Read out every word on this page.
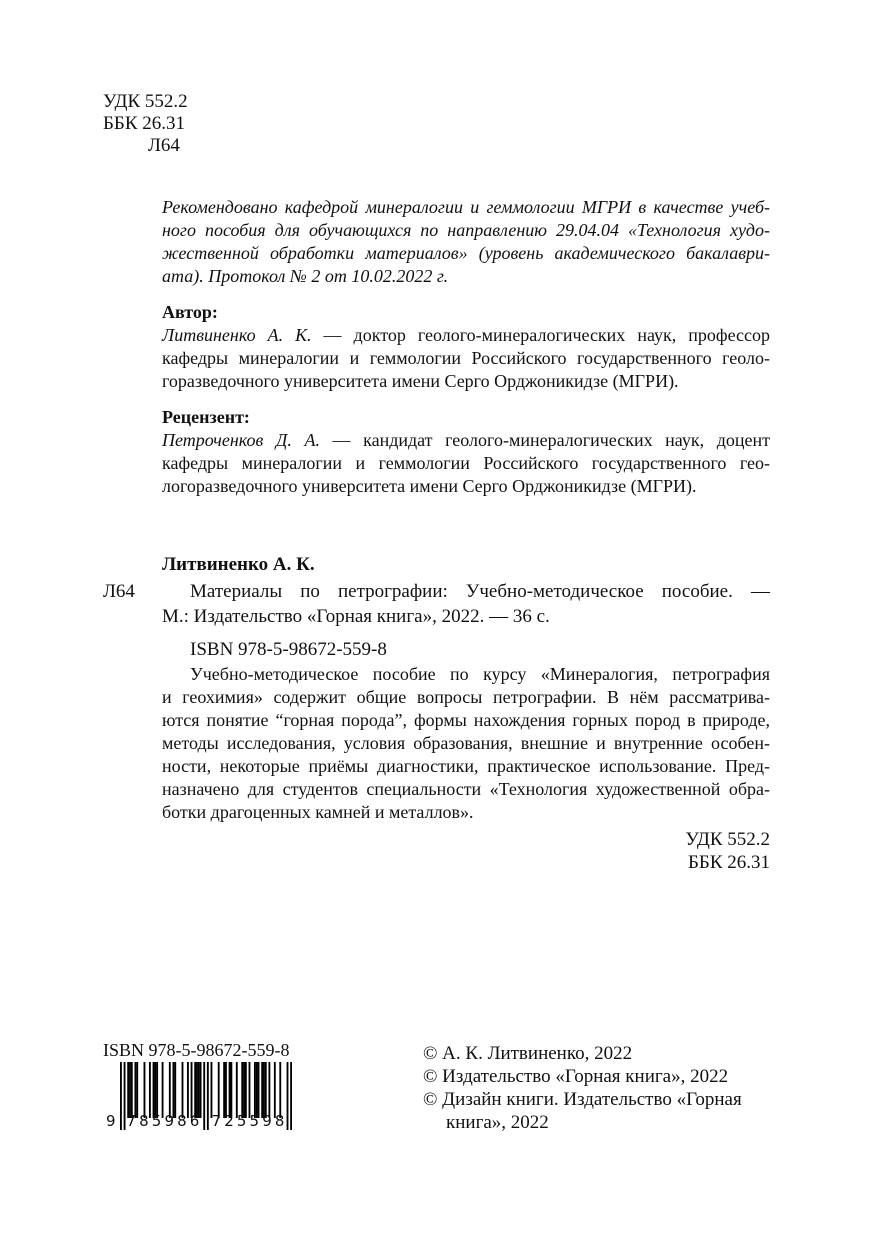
УДК 552.2
ББК 26.31
Л64
Рекомендовано кафедрой минералогии и геммологии МГРИ в качестве учеб-
ного пособия для обучающихся по направлению 29.04.04 «Технология худо-
жественной обработки материалов» (уровень академического бакалаври-
ата). Протокол № 2 от 10.02.2022 г.
Автор:
Литвиненко А. К. — доктор геолого-минералогических наук, профессор
кафедры минералогии и геммологии Российского государственного геоло-
горазведочного университета имени Серго Орджоникидзе (МГРИ).
Рецензент:
Петроченков Д. А. — кандидат геолого-минералогических наук, доцент
кафедры минералогии и геммологии Российского государственного гео-
логоразведочного университета имени Серго Орджоникидзе (МГРИ).
Литвиненко А. К.
Л64	Материалы по петрографии: Учебно-методическое пособие. —
М.: Издательство «Горная книга», 2022. — 36 с.
ISBN 978-5-98672-559-8
Учебно-методическое пособие по курсу «Минералогия, петрография
и геохимия» содержит общие вопросы петрографии. В нём рассматрива-
ются понятие “горная порода”, формы нахождения горных пород в природе,
методы исследования, условия образования, внешние и внутренние особен-
ности, некоторые приёмы диагностики, практическое использование. Пред-
назначено для студентов специальности «Технология художественной обра-
ботки драгоценных камней и металлов».
УДК 552.2
ББК 26.31
ISBN 978-5-98672-559-8
9 7 8 5 9 8 6 7 2 5 5 9 8
© А. К. Литвиненко, 2022
© Издательство «Горная книга», 2022
© Дизайн книги. Издательство «Горная
книга», 2022
